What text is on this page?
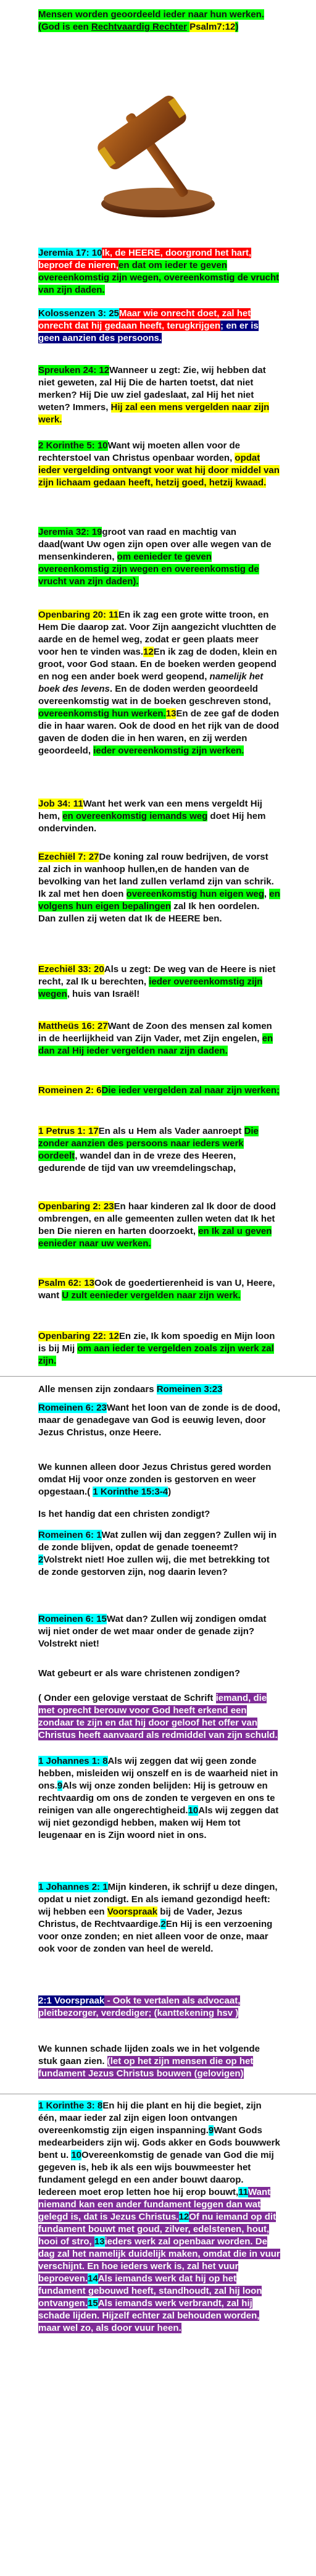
Mensen worden geoordeeld ieder naar hun werken.

(God is een Rechtvaardig Rechter Psalm7:12)

Jeremia 17: 10Ik, de HEERE, doorgrond het hart, beproef de nieren,en dat om ieder te geven overeenkomstig zijn wegen, overeenkomstig de vrucht van zijn daden.

Kolossenzen 3: 25Maar wie onrecht doet, zal het onrecht dat hij gedaan heeft, terugkrijgen; en er is geen aanzien des persoons.

Spreuken 24: 12Wanneer u zegt: Zie, wij hebben dat niet geweten, zal Hij Die de harten toetst, dat niet merken? Hij Die uw ziel gadeslaat, zal Hij het niet weten? Immers, Hij zal een mens vergelden naar zijn werk.

2 Korinthe 5: 10Want wij moeten allen voor de rechterstoel van Christus openbaar worden, opdat ieder vergelding ontvangt voor wat hij door middel van zijn lichaam gedaan heeft, hetzij goed, hetzij kwaad.

Jeremia 32: 19groot van raad en machtig van daad(want Uw ogen zijn open over alle wegen van de mensenkinderen, om eenieder te geven overeenkomstig zijn wegen en overeenkomstig de vrucht van zijn daden).

Openbaring 20: 11En ik zag een grote witte troon, en Hem Die daarop zat. Voor Zijn aangezicht vluchtten de aarde en de hemel weg, zodat er geen plaats meer voor hen te vinden was.12En ik zag de doden, klein en groot, voor God staan. En de boeken werden geopend en nog een ander boek werd geopend, namelijk het boek des levens. En de doden werden geoordeeld overeenkomstig wat in de boeken geschreven stond, overeenkomstig hun werken.13En de zee gaf de doden die in haar waren. Ook de dood en het rijk van de dood gaven de doden die in hen waren, en zij werden geoordeeld, ieder overeenkomstig zijn werken.

Job 34: 11Want het werk van een mens vergeldt Hij hem, en overeenkomstig iemands weg doet Hij hem ondervinden.

Ezechiël 7: 27De koning zal rouw bedrijven, de vorst zal zich in wanhoop hullen,en de handen van de bevolking van het land zullen verlamd zijn van schrik. Ik zal met hen doen overeenkomstig hun eigen weg, en volgens hun eigen bepalingen zal Ik hen oordelen.

Dan zullen zij weten dat Ik de HEERE ben.

Ezechiël 33: 20Als u zegt: De weg van de Heere is niet recht, zal Ik u berechten, ieder overeenkomstig zijn wegen, huis van Israël!

Mattheüs 16: 27Want de Zoon des mensen zal komen in de heerlijkheid van Zijn Vader, met Zijn engelen, en dan zal Hij ieder vergelden naar zijn daden.

Romeinen 2: 6Die ieder vergelden zal naar zijn werken;

1 Petrus 1: 17En als u Hem als Vader aanroept Die zonder aanzien des persoons naar ieders werk oordeelt, wandel dan in de vreze des Heeren, gedurende de tijd van uw vreemdelingschap,

Openbaring 2: 23En haar kinderen zal Ik door de dood ombrengen, en alle gemeenten zullen weten dat Ik het ben Die nieren en harten doorzoekt, en Ik zal u geven eenieder naar uw werken.

Psalm 62: 13Ook de goedertierenheid is van U, Heere, want U zult eenieder vergelden naar zijn werk.

Openbaring 22: 12En zie, Ik kom spoedig en Mijn loon is bij Mij om aan ieder te vergelden zoals zijn werk zal zijn.

Alle mensen zijn zondaars Romeinen 3:23

Romeinen 6: 23Want het loon van de zonde is de dood, maar de genadegave van God is eeuwig leven, door Jezus Christus, onze Heere.

We kunnen alleen door Jezus Christus gered worden omdat Hij voor onze zonden is gestorven en weer opgestaan.( 1 Korinthe 15:3-4)

Is het handig dat een christen zondigt?

Romeinen 6: 1Wat zullen wij dan zeggen? Zullen wij in de zonde blijven, opdat de genade toeneemt?2Volstrekt niet! Hoe zullen wij, die met betrekking tot de zonde gestorven zijn, nog daarin leven?

Romeinen 6: 15Wat dan? Zullen wij zondigen omdat wij niet onder de wet maar onder de genade zijn? Volstrekt niet!

Wat gebeurt er als ware christenen zondigen?

( Onder een gelovige verstaat de Schrift iemand, die met oprecht berouw voor God heeft erkend een zondaar te zijn en dat hij door geloof het offer van Christus heeft aanvaard als redmiddel van zijn schuld.

1 Johannes 1: 8Als wij zeggen dat wij geen zonde hebben, misleiden wij onszelf en is de waarheid niet in ons.9Als wij onze zonden belijden: Hij is getrouw en rechtvaardig om ons de zonden te vergeven en ons te reinigen van alle ongerechtigheid.10Als wij zeggen dat wij niet gezondigd hebben, maken wij Hem tot leugenaar en is Zijn woord niet in ons.

1 Johannes 2: 1Mijn kinderen, ik schrijf u deze dingen, opdat u niet zondigt. En als iemand gezondigd heeft: wij hebben een Voorspraak bij de Vader, Jezus Christus, de Rechtvaardige.2En Hij is een verzoening voor onze zonden; en niet alleen voor de onze, maar ook voor de zonden van heel de wereld.

2:1 Voorspraak - Ook te vertalen als advocaat, pleitbezorger, verdediger; (kanttekening hsv )

We kunnen schade lijden zoals we in het volgende stuk gaan zien. (let op het zijn mensen die op het fundament Jezus Christus bouwen (gelovigen)

1 Korinthe 3: 8En hij die plant en hij die begiet, zijn één, maar ieder zal zijn eigen loon ontvangen overeenkomstig zijn eigen inspanning.9Want Gods medearbeiders zijn wij. Gods akker en Gods bouwwerk bent u. 10Overeenkomstig de genade van God die mij gegeven is, heb ik als een wijs bouwmeester het fundament gelegd en een ander bouwt daarop. Iedereen moet erop letten hoe hij erop bouwt,11Want niemand kan een ander fundament leggen dan wat gelegd is, dat is Jezus Christus.12Of nu iemand op dit fundament bouwt met goud, zilver, edelstenen, hout, hooi of stro, 13ieders werk zal openbaar worden. De dag zal het namelijk duidelijk maken, omdat die in vuur verschijnt. En hoe ieders werk is, zal het vuur beproeven.14Als iemands werk dat hij op het fundament gebouwd heeft, standhoudt, zal hij loon ontvangen.15Als iemands werk verbrandt, zal hij schade lijden. Hijzelf echter zal behouden worden, maar wel zo, als door vuur heen.
